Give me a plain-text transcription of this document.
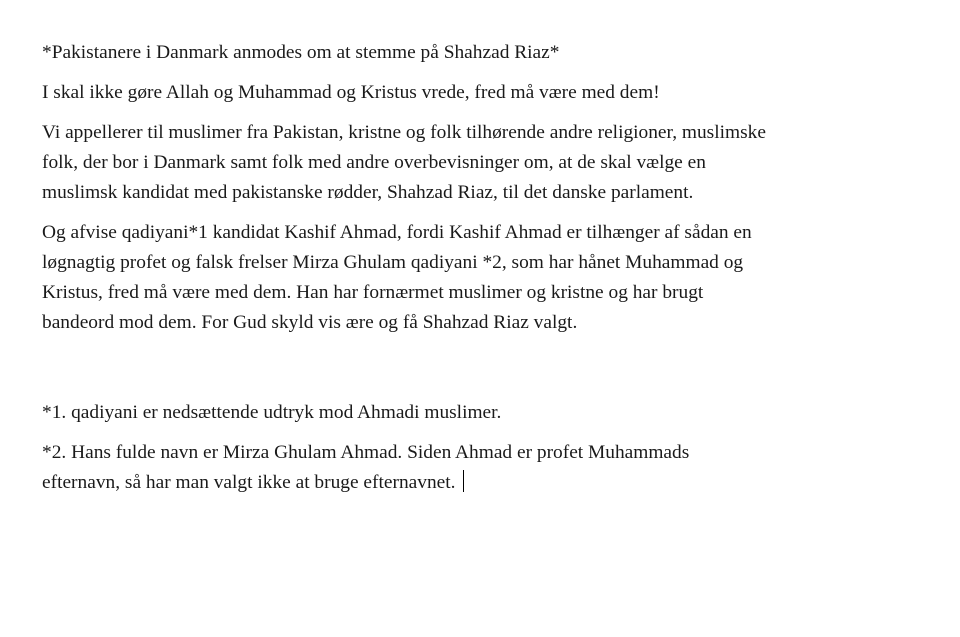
*Pakistanere i Danmark anmodes om at stemme på Shahzad Riaz*

I skal ikke gøre Allah og Muhammad og Kristus vrede, fred må være med dem!

Vi appellerer til muslimer fra Pakistan, kristne og folk tilhørende andre religioner, muslimske
folk, der bor i Danmark samt folk med andre overbevisninger om, at de skal vælge en
muslimsk kandidat med pakistanske rødder, Shahzad Riaz, til det danske parlament.

Og afvise qadiyani*1 kandidat Kashif Ahmad, fordi Kashif Ahmad er tilhænger af sådan en
løgnagtig profet og falsk frelser Mirza Ghulam qadiyani *2, som har hånet Muhammad og
Kristus, fred må være med dem. Han har fornærmet muslimer og kristne og har brugt
bandeord mod dem. For Gud skyld vis ære og få Shahzad Riaz valgt.

*1. qadiyani er nedsættende udtryk mod Ahmadi muslimer.

*2. Hans fulde navn er Mirza Ghulam Ahmad. Siden Ahmad er profet Muhammads
efternavn, så har man valgt ikke at bruge efternavnet.
